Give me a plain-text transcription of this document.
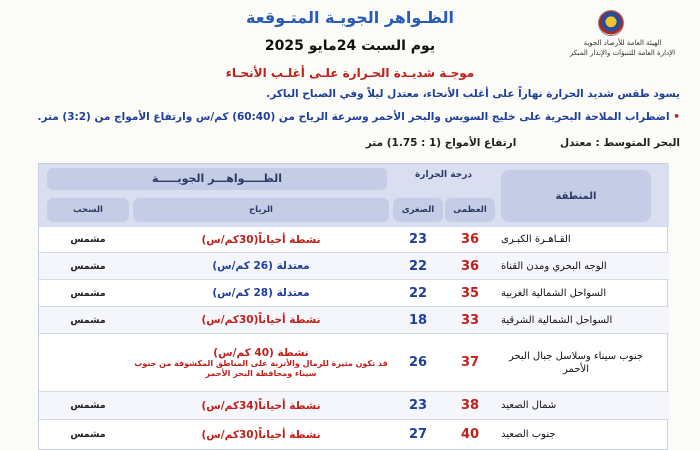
الهيئة العامة للأرصاد الجوية
الإدارة العامة للتنبؤات والإنذار المبكر
الظـواهر الجويـة المتـوقعة
يوم السبت 24مايو 2025
موجـة شديـدة الحـرارة علـى أغلـب الأنحـاء
يسود طقس شديد الحرارة نهاراً على أغلب الأنحاء، معتدل ليلاً وفي الصباح الباكر.
• اضطراب الملاحة البحرية على خليج السويس والبحر الأحمر وسرعة الرياح من (60:40) كم/س وارتفاع الأمواج من (3:2) متر.
البحر المتوسط : معتدل ارتفاع الأمواج (1 : 1.75) متر
المنطقة
درجة الحرارة
الظـــــواهـــر الجويـــــة
العظمى
الصغرى
الرياح
السحب
القـاهـرة الكبـرى
36
23
نشطة أحياناً(30كم/س)
مشمس
الوجه البحري ومدن القناة
36
22
معتدلة (26 كم/س)
مشمس
السواحل الشمالية الغربية
35
22
معتدلة (28 كم/س)
مشمس
السواحل الشمالية الشرقية
33
18
نشطة أحياناً(30كم/س)
مشمس
جنوب سيناء وسلاسل جبال البحر الأحمر
37
26
نشطة (40 كم/س)
قد تكون مثيرة للرمال والأتربة على المناطق المكشوفة من جنوب سيناء ومحافظة البحر الأحمر
شمال الصعيد
38
23
نشطة أحياناً(34كم/س)
مشمس
جنوب الصعيد
40
27
نشطة أحياناً(30كم/س)
مشمس
